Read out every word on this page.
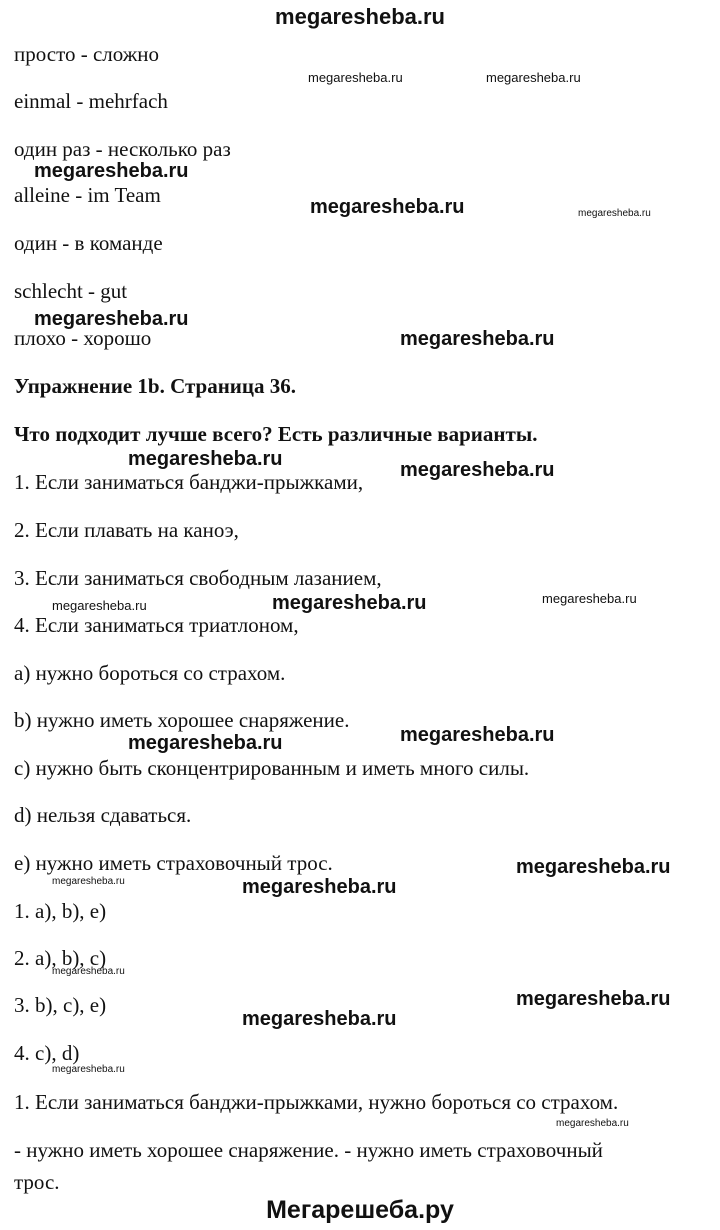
megaresheba.ru
просто - сложно
einmal - mehrfach
один раз - несколько раз
alleine - im Team
один - в команде
schlecht - gut
плохо - хорошо
Упражнение 1b. Страница 36.
Что подходит лучше всего? Есть различные варианты.
1. Если заниматься банджи-прыжками,
2. Если плавать на каноэ,
3. Если заниматься свободным лазанием,
4. Если заниматься триатлоном,
a) нужно бороться со страхом.
b) нужно иметь хорошее снаряжение.
c) нужно быть сконцентрированным и иметь много силы.
d) нельзя сдаваться.
e) нужно иметь страховочный трос.
1. a), b), e)
2. a), b), c)
3. b), c), e)
4. c), d)
1. Если заниматься банджи-прыжками, нужно бороться со страхом.
- нужно иметь хорошее снаряжение. - нужно иметь страховочный
трос.
megaresheba.ru	megaresheba.ru
megaresheba.ru
megaresheba.ru	megaresheba.ru
megaresheba.ru
megaresheba.ru
megaresheba.ru	megaresheba.ru
megaresheba.ru	megaresheba.ru	megaresheba.ru
megaresheba.ru
megaresheba.ru
megaresheba.ru
megaresheba.ru	megaresheba.ru
megaresheba.ru
megaresheba.ru
megaresheba.ru
megaresheba.ru
megaresheba.ru
Мегарешеба.ру
